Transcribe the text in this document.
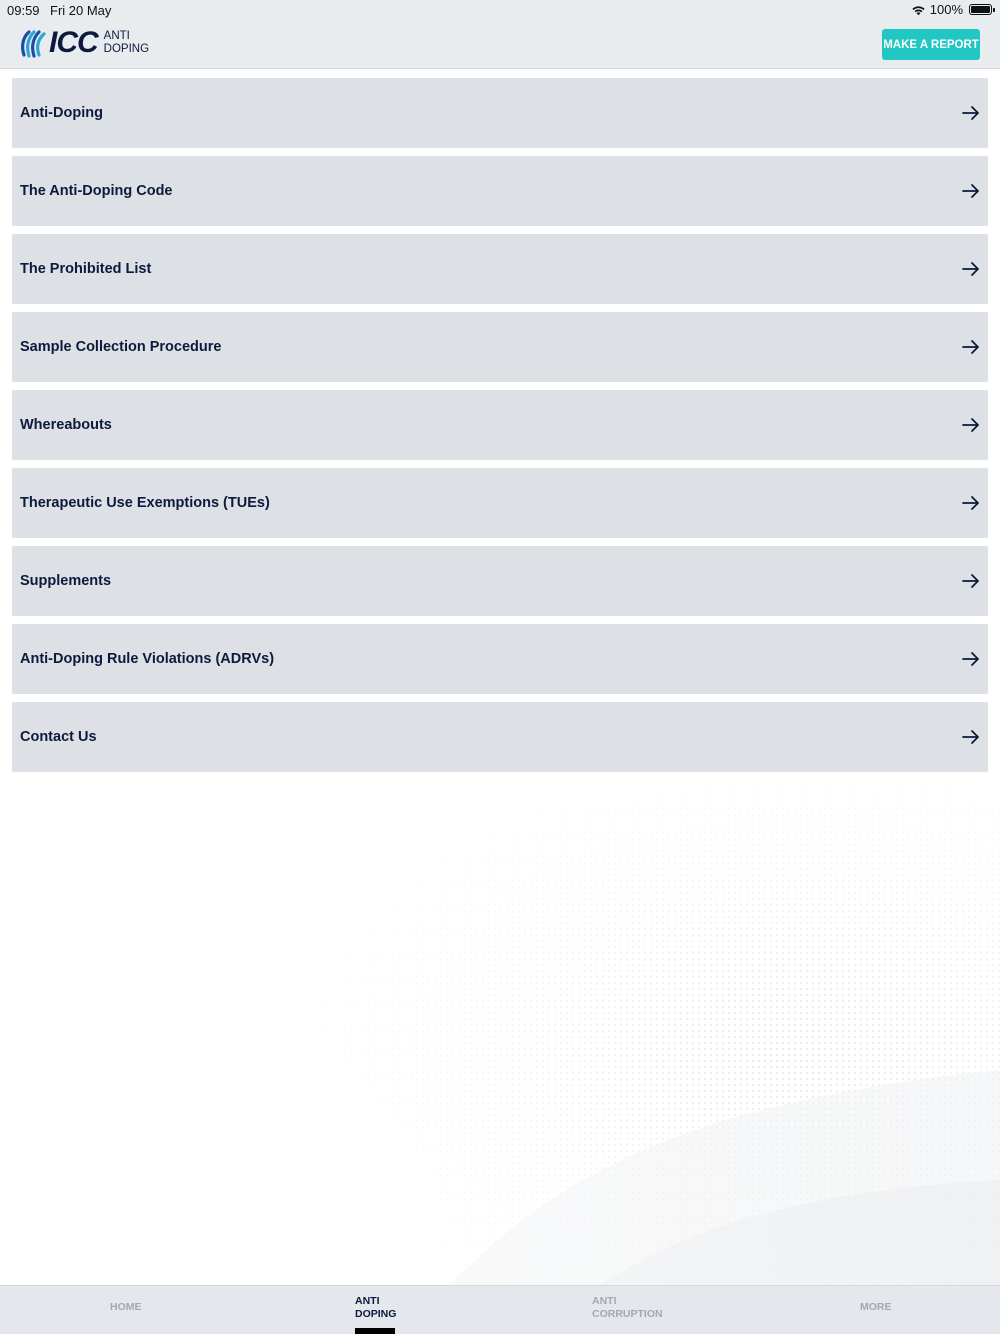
09:59 Fri 20 May	100%
ICC ANTI
DOPING	MAKE A REPORT
Anti-Doping
The Anti-Doping Code
The Prohibited List
Sample Collection Procedure
Whereabouts
Therapeutic Use Exemptions (TUEs)
Supplements
Anti-Doping Rule Violations (ADRVs)
Contact Us
HOME	ANTI
DOPING
ANTI
CORRUPTION
MORE
